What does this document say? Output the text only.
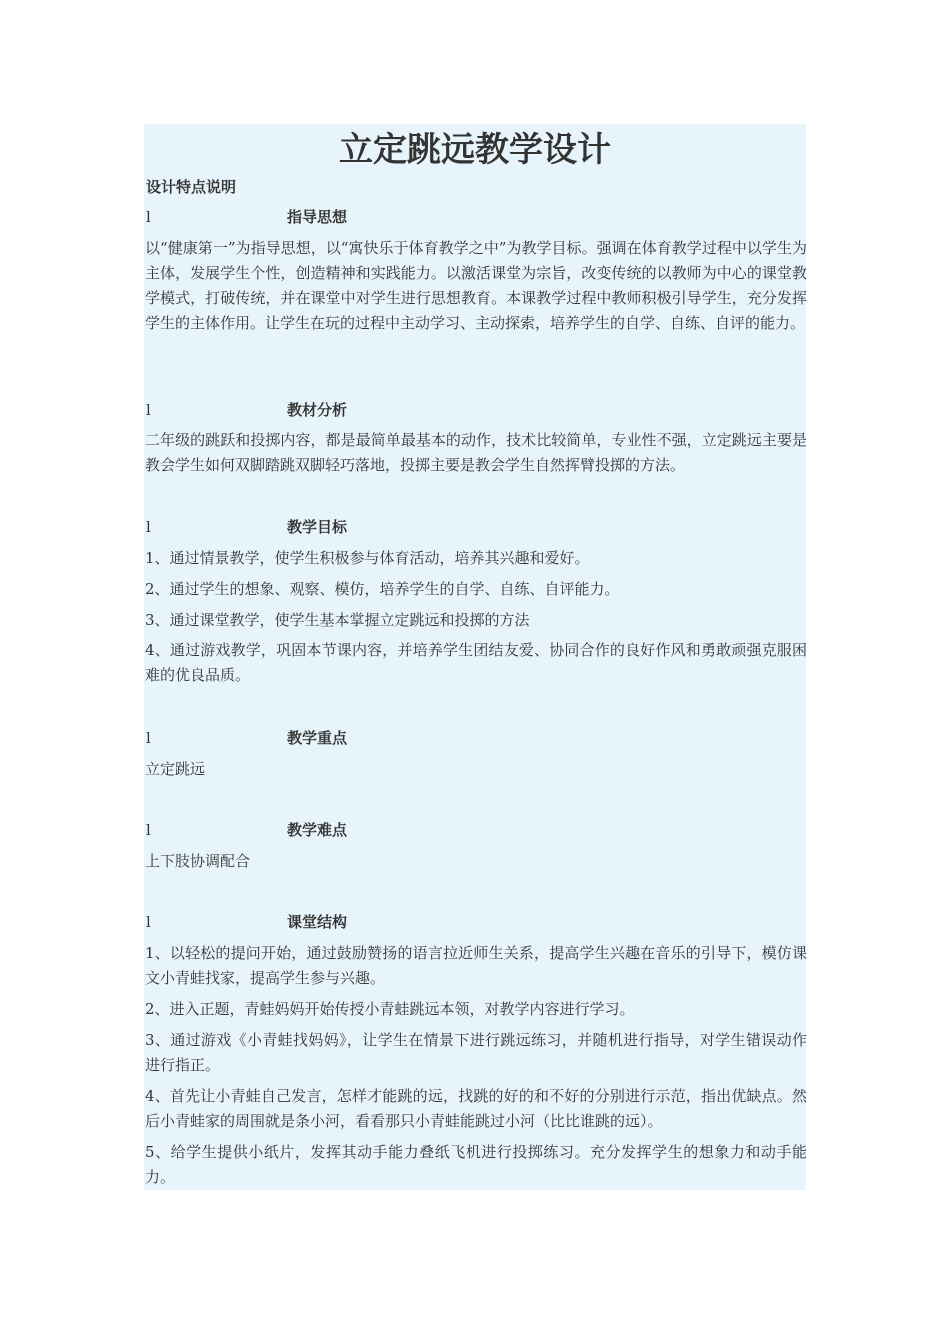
立定跳远教学设计
设计特点说明
l	指导思想

以“健康第一”为指导思想，以“寓快乐于体育教学之中”为教学目标。强调在体育教学过程中以学生为主体，发展学生个性，创造精神和实践能力。以激活课堂为宗旨，改变传统的以教师为中心的课堂教学模式，打破传统，并在课堂中对学生进行思想教育。本课教学过程中教师积极引导学生，充分发挥学生的主体作用。让学生在玩的过程中主动学习、主动探索，培养学生的自学、自练、自评的能力。

l	教材分析

二年级的跳跃和投掷内容，都是最简单最基本的动作，技术比较简单，专业性不强，立定跳远主要是教会学生如何双脚踏跳双脚轻巧落地，投掷主要是教会学生自然挥臂投掷的方法。

l	教学目标

1、通过情景教学，使学生积极参与体育活动，培养其兴趣和爱好。

2、通过学生的想象、观察、模仿，培养学生的自学、自练、自评能力。

3、通过课堂教学，使学生基本掌握立定跳远和投掷的方法

4、通过游戏教学，巩固本节课内容，并培养学生团结友爱、协同合作的良好作风和勇敢顽强克服困难的优良品质。

l	教学重点

立定跳远

l	教学难点

上下肢协调配合

l	课堂结构

1、以轻松的提问开始，通过鼓励赞扬的语言拉近师生关系，提高学生兴趣在音乐的引导下，模仿课文小青蛙找家，提高学生参与兴趣。

2、进入正题，青蛙妈妈开始传授小青蛙跳远本领，对教学内容进行学习。

3、通过游戏《小青蛙找妈妈》，让学生在情景下进行跳远练习，并随机进行指导，对学生错误动作进行指正。

4、首先让小青蛙自己发言，怎样才能跳的远，找跳的好的和不好的分别进行示范，指出优缺点。然后小青蛙家的周围就是条小河，看看那只小青蛙能跳过小河（比比谁跳的远）。

5、给学生提供小纸片，发挥其动手能力叠纸飞机进行投掷练习。充分发挥学生的想象力和动手能力。
